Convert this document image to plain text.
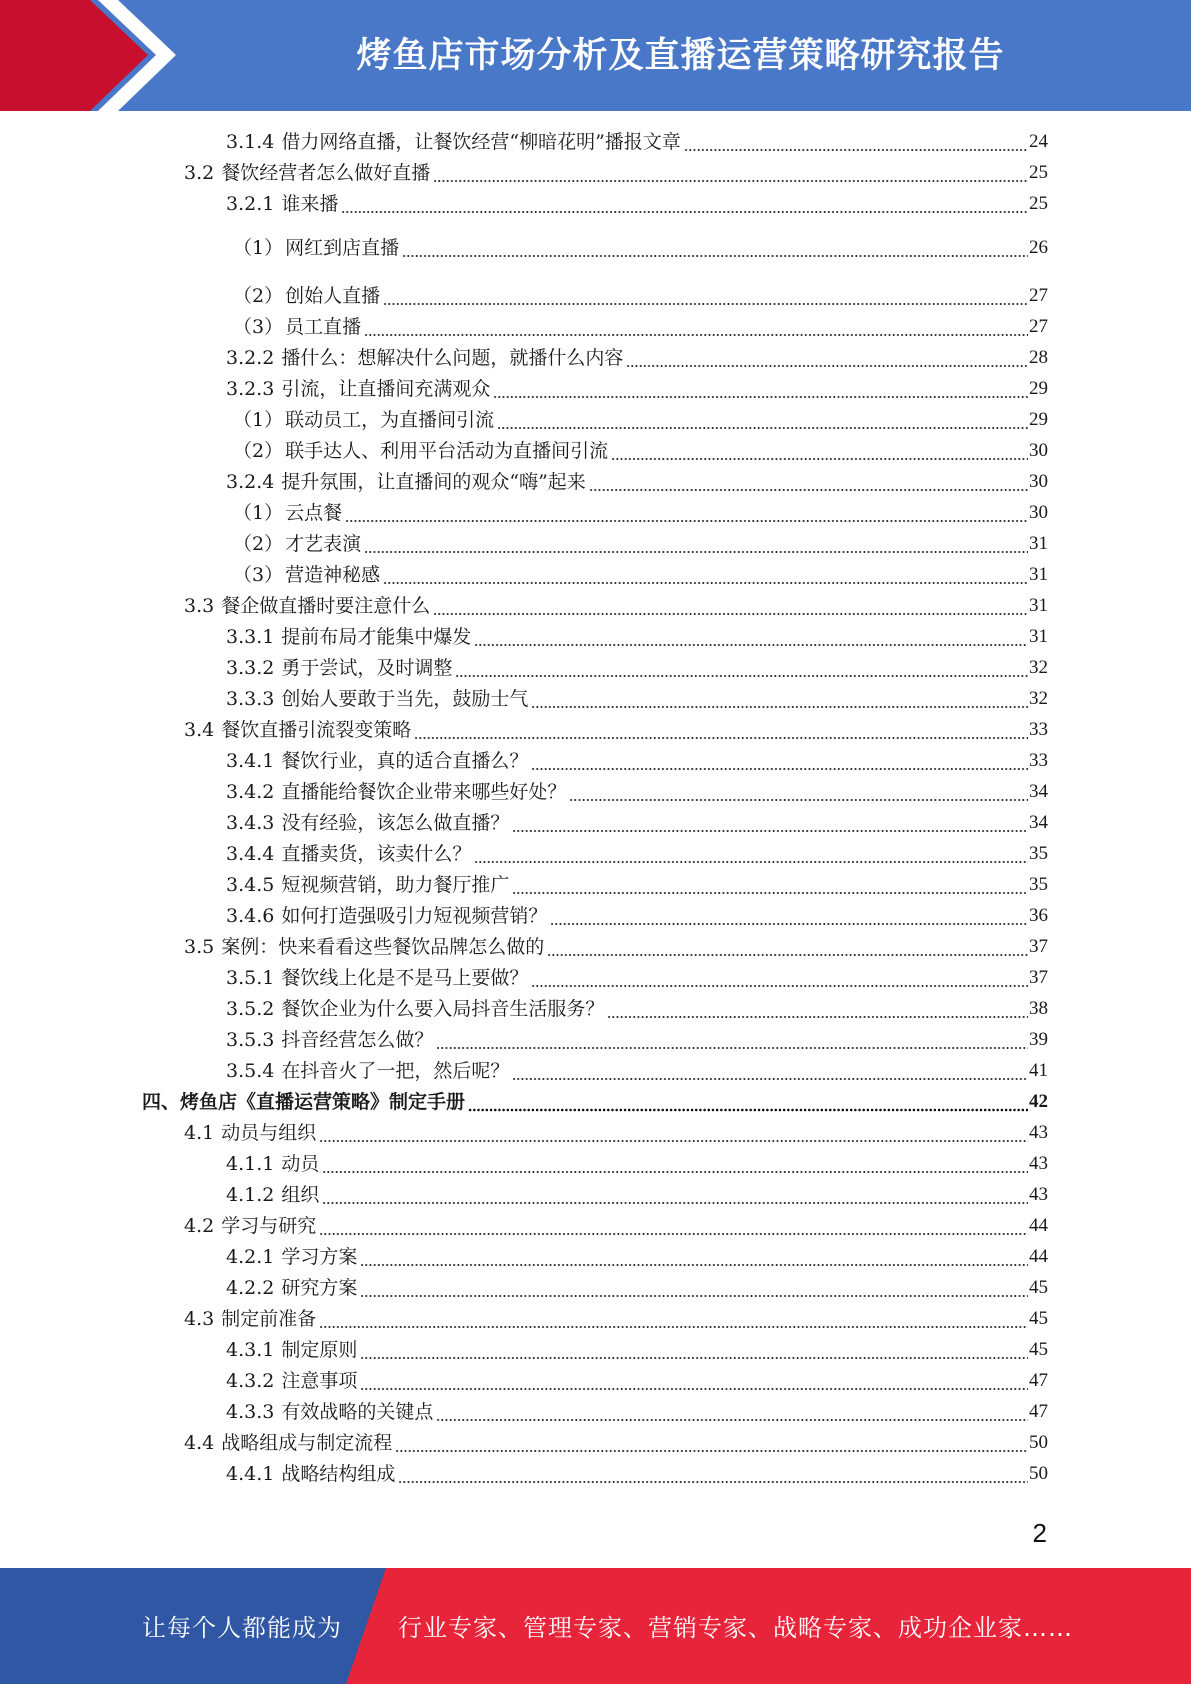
烤鱼店市场分析及直播运营策略研究报告
3.1.4 借力网络直播，让餐饮经营“柳暗花明”播报文章	24
3.2 餐饮经营者怎么做好直播	25
3.2.1 谁来播	25
（1） 网红到店直播	26
（2） 创始人直播	27
（3） 员工直播	27
3.2.2 播什么：想解决什么问题，就播什么内容	28
3.2.3 引流，让直播间充满观众	29
（1） 联动员工，为直播间引流	29
（2） 联手达人、利用平台活动为直播间引流	30
3.2.4 提升氛围，让直播间的观众“嗨”起来	30
（1） 云点餐	30
（2） 才艺表演	31
（3） 营造神秘感	31
3.3 餐企做直播时要注意什么	31
3.3.1 提前布局才能集中爆发	31
3.3.2 勇于尝试，及时调整	32
3.3.3 创始人要敢于当先，鼓励士气	32
3.4 餐饮直播引流裂变策略	33
3.4.1 餐饮行业，真的适合直播么？	33
3.4.2 直播能给餐饮企业带来哪些好处？	34
3.4.3 没有经验，该怎么做直播？	34
3.4.4 直播卖货，该卖什么？	35
3.4.5 短视频营销，助力餐厅推广	35
3.4.6 如何打造强吸引力短视频营销？	36
3.5 案例：快来看看这些餐饮品牌怎么做的	37
3.5.1 餐饮线上化是不是马上要做？	37
3.5.2 餐饮企业为什么要入局抖音生活服务？	38
3.5.3 抖音经营怎么做？	39
3.5.4 在抖音火了一把，然后呢？	41
四、烤鱼店《直播运营策略》制定手册	42
4.1 动员与组织	43
4.1.1 动员	43
4.1.2 组织	43
4.2 学习与研究	44
4.2.1 学习方案	44
4.2.2 研究方案	45
4.3 制定前准备	45
4.3.1 制定原则	45
4.3.2 注意事项	47
4.3.3 有效战略的关键点	47
4.4 战略组成与制定流程	50
4.4.1 战略结构组成	50
2
让每个人都能成为 行业专家、管理专家、营销专家、战略专家、成功企业家……
